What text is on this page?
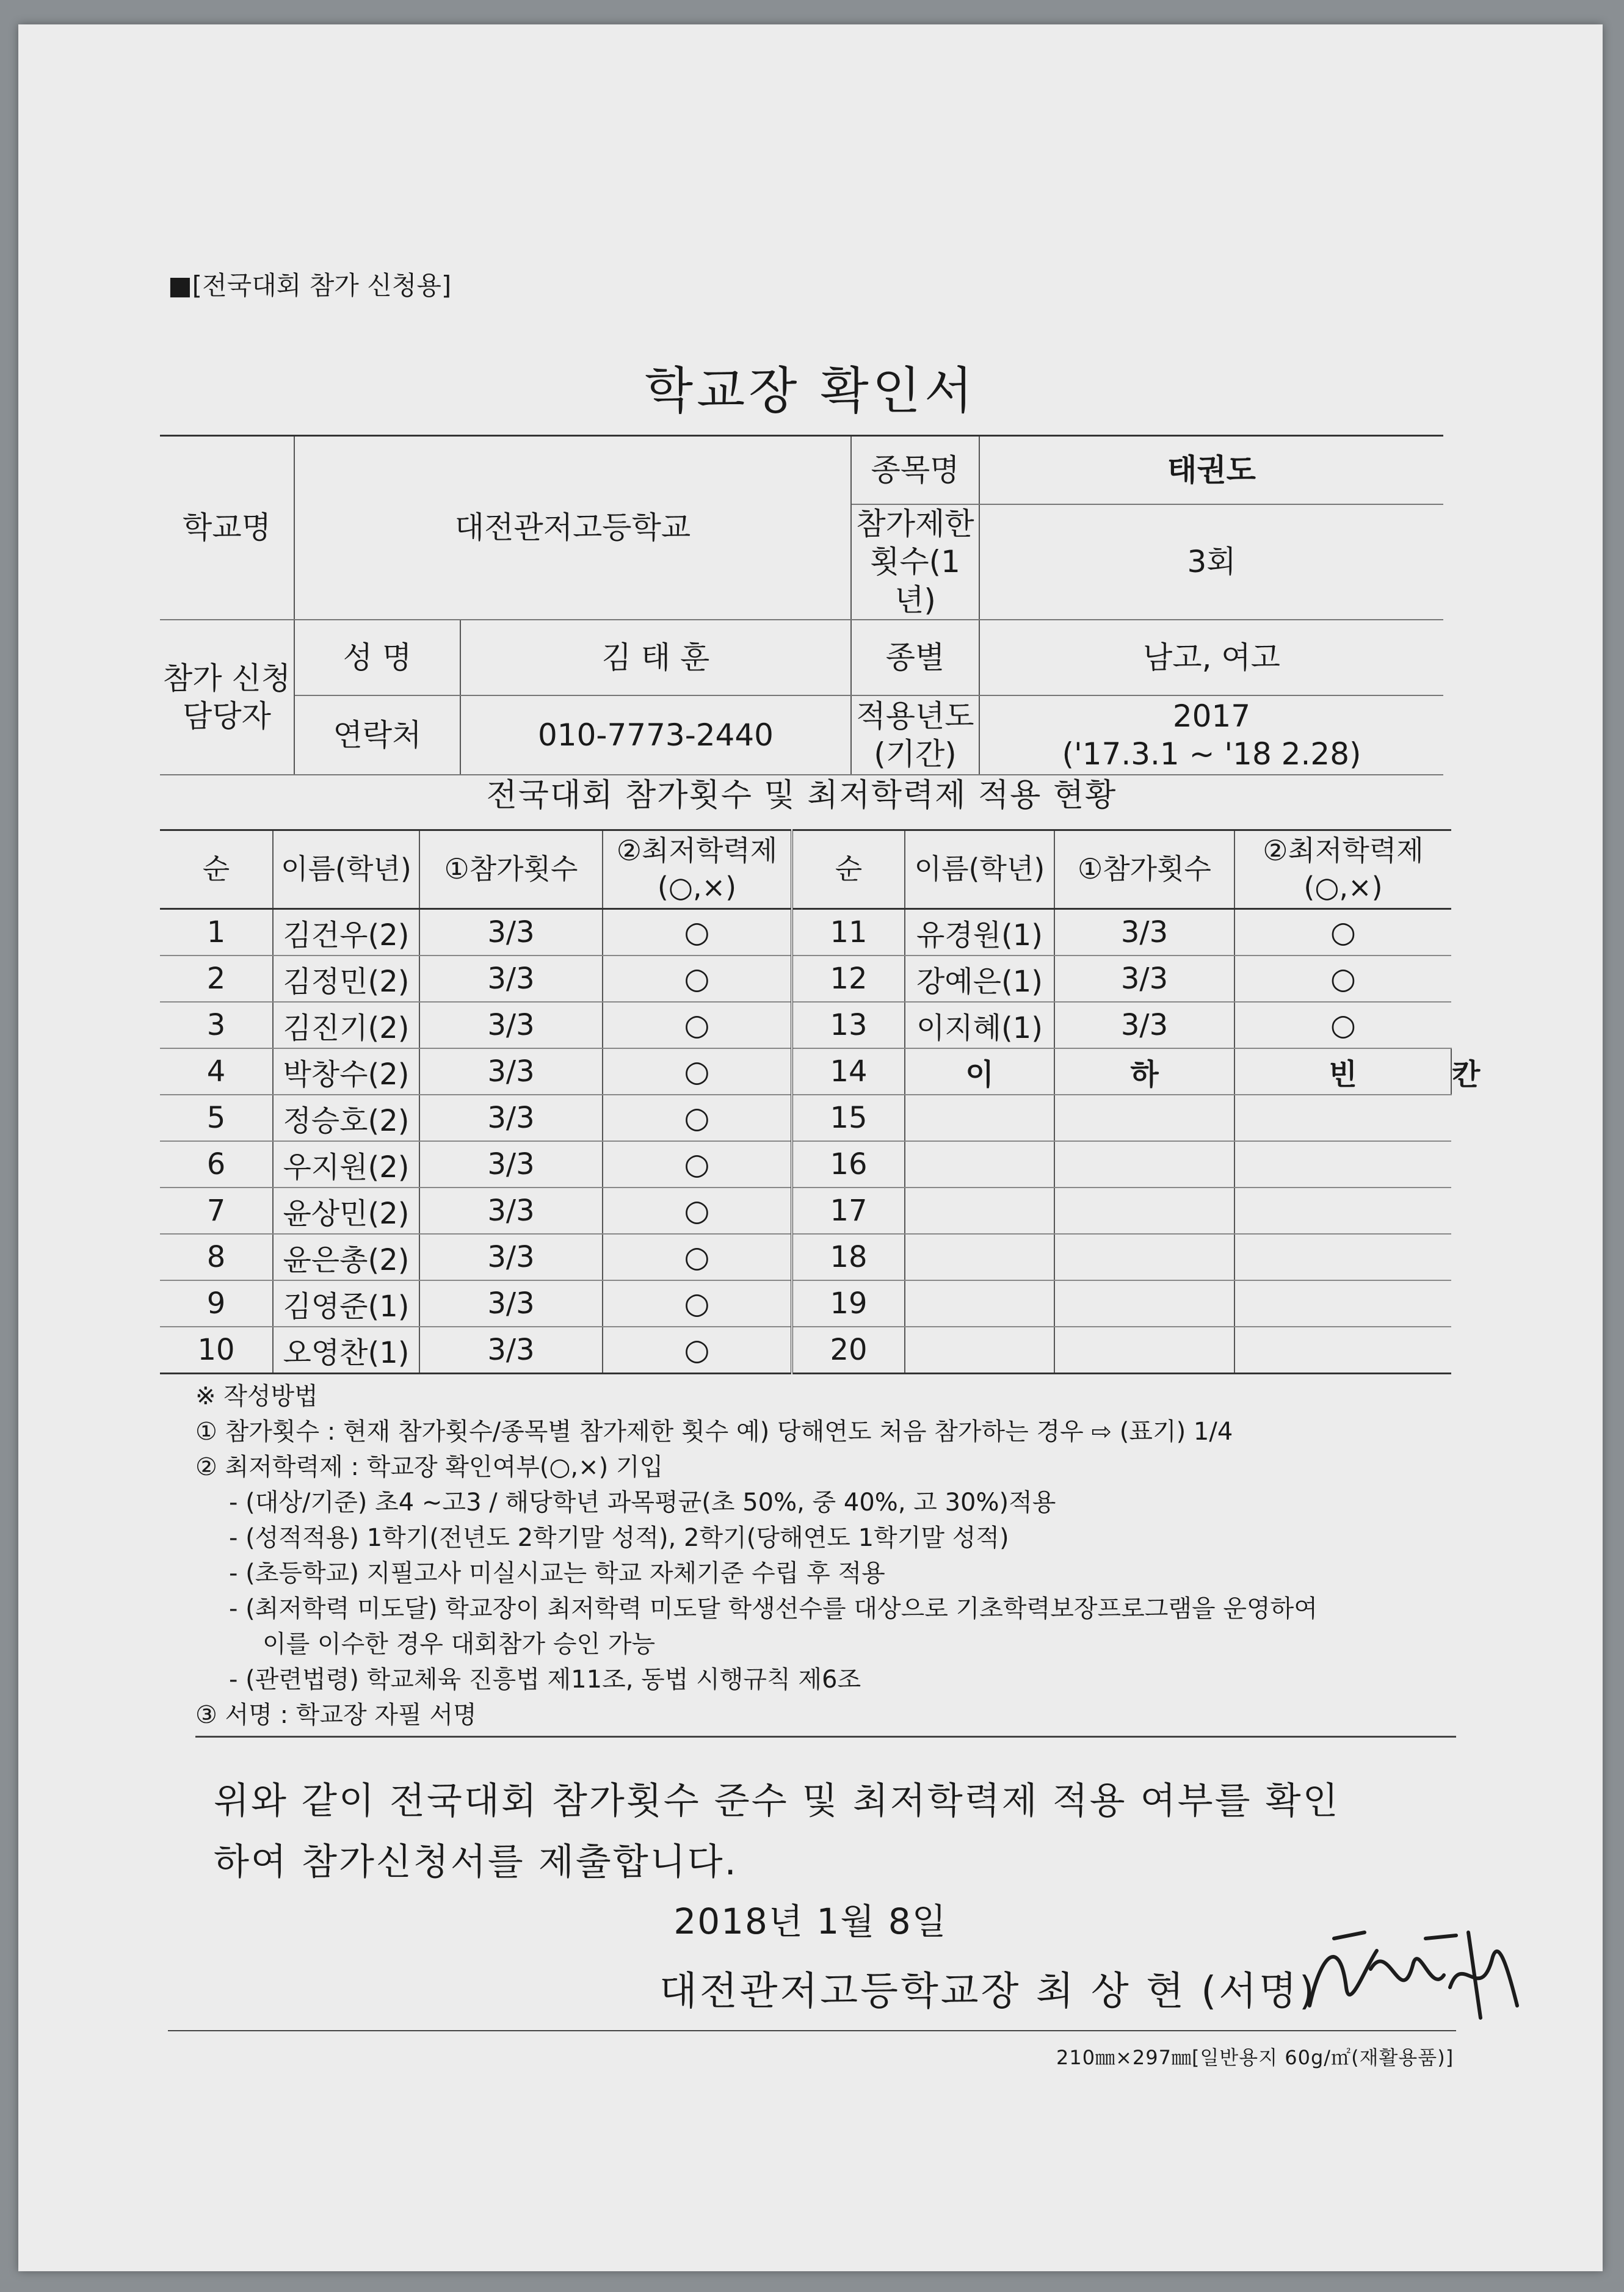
■[전국대회 참가 신청용]
학교장 확인서
학교명	대전관저고등학교		종목명	태권도
			참가제한 횟수(1년)	3회
참가 신청 담당자	성 명	김 태 훈	종별	남고, 여고
	연락처	010-7773-2440	적용년도 (기간)	2017
('17.3.1 ~ '18 2.28)
전국대회 참가횟수 및 최저학력제 적용 현황
순	이름(학년)	①참가횟수	②최저학력제 (○,×)	순	이름(학년)	①참가횟수	②최저학력제 (○,×)	
1	김건우(2)	3/3	○	11	유경원(1)	3/3	○	
2	김정민(2)	3/3	○	12	강예은(1)	3/3	○	
3	김진기(2)	3/3	○	13	이지혜(1)	3/3	○	
4	박창수(2)	3/3	○	14	이	하	빈	칸
5	정승호(2)	3/3	○	15				
6	우지원(2)	3/3	○	16				
7	윤상민(2)	3/3	○	17				
8	윤은총(2)	3/3	○	18				
9	김영준(1)	3/3	○	19				
10	오영찬(1)	3/3	○	20				
※ 작성방법
① 참가횟수 : 현재 참가횟수/종목별 참가제한 횟수 예) 당해연도 처음 참가하는 경우 ⇨ (표기) 1/4
② 최저학력제 : 학교장 확인여부(○,×) 기입
- (대상/기준) 초4 ~고3 / 해당학년 과목평균(초 50%, 중 40%, 고 30%)적용
- (성적적용) 1학기(전년도 2학기말 성적), 2학기(당해연도 1학기말 성적)
- (초등학교) 지필고사 미실시교는 학교 자체기준 수립 후 적용
- (최저학력 미도달) 학교장이 최저학력 미도달 학생선수를 대상으로 기초학력보장프로그램을 운영하여
이를 이수한 경우 대회참가 승인 가능
- (관련법령) 학교체육 진흥법 제11조, 동법 시행규칙 제6조
③ 서명 : 학교장 자필 서명
위와 같이 전국대회 참가횟수 준수 및 최저학력제 적용 여부를 확인
하여 참가신청서를 제출합니다.
2018년 1월 8일
대전관저고등학교장 최 상 현 (서명)
210㎜×297㎜[일반용지 60g/㎡(재활용품)]
